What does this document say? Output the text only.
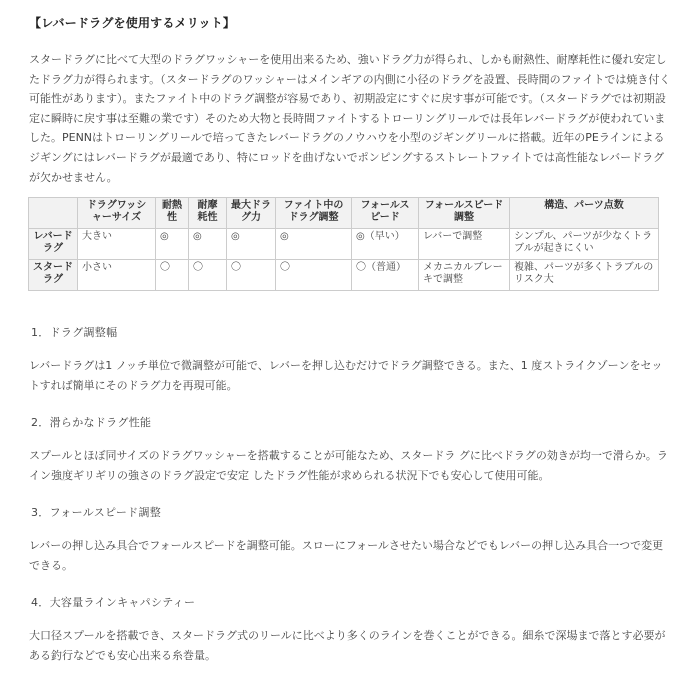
【レバードラグを使用するメリット】

スタードラグに比べて大型のドラグワッシャーを使用出来るため、強いドラグ力が得られ、しかも耐熱性、耐摩耗性に優れ安定したドラグ力が得られます。（スタードラグのワッシャーはメインギアの内側に小径のドラグを設置、長時間のファイトでは焼き付く可能性があります）。またファイト中のドラグ調整が容易であり、初期設定にすぐに戻す事が可能です。（スタードラグでは初期設定に瞬時に戻す事は至難の業です）そのため大物と長時間ファイトするトローリングリールでは長年レバードラグが使われていました。PENNはトローリングリールで培ってきたレバードラグのノウハウを小型のジギングリールに搭載。近年のPEラインによるジギングにはレバードラグが最適であり、特にロッドを曲げないでポンピングするストレートファイトでは高性能なレバードラグが欠かせません。

	ドラグワッシャーサイズ	耐熱性	耐摩耗性	最大ドラグ力	ファイト中のドラグ調整	フォールスピード	フォールスピード調整	構造、パーツ点数
レバードラグ	大きい	◎	◎	◎	◎	◎（早い）	レバーで調整	シンプル、パーツが少なくトラブルが起きにくい
スタードラグ	小さい	〇	〇	〇	〇	〇（普通）	メカニカルブレーキで調整	複雑、パーツが多くトラブルのリスク大
1．ドラグ調整幅

レバードラグは1 ノッチ単位で微調整が可能で、レバーを押し込むだけでドラグ調整できる。また、1 度ストライクゾーンをセットすれば簡単にそのドラグ力を再現可能。

2．滑らかなドラグ性能

スプールとほぼ同サイズのドラグワッシャーを搭載することが可能なため、スタードラ グに比べドラグの効きが均一で滑らか。ライン強度ギリギリの強さのドラグ設定で安定 したドラグ性能が求められる状況下でも安心して使用可能。

3．フォールスピード調整

レバーの押し込み具合でフォールスピードを調整可能。スローにフォールさせたい場合などでもレバーの押し込み具合一つで変更できる。

4．大容量ラインキャパシティー

大口径スプールを搭載でき、スタードラグ式のリールに比べより多くのラインを巻くことができる。細糸で深場まで落とす必要がある釣行などでも安心出来る糸巻量。
